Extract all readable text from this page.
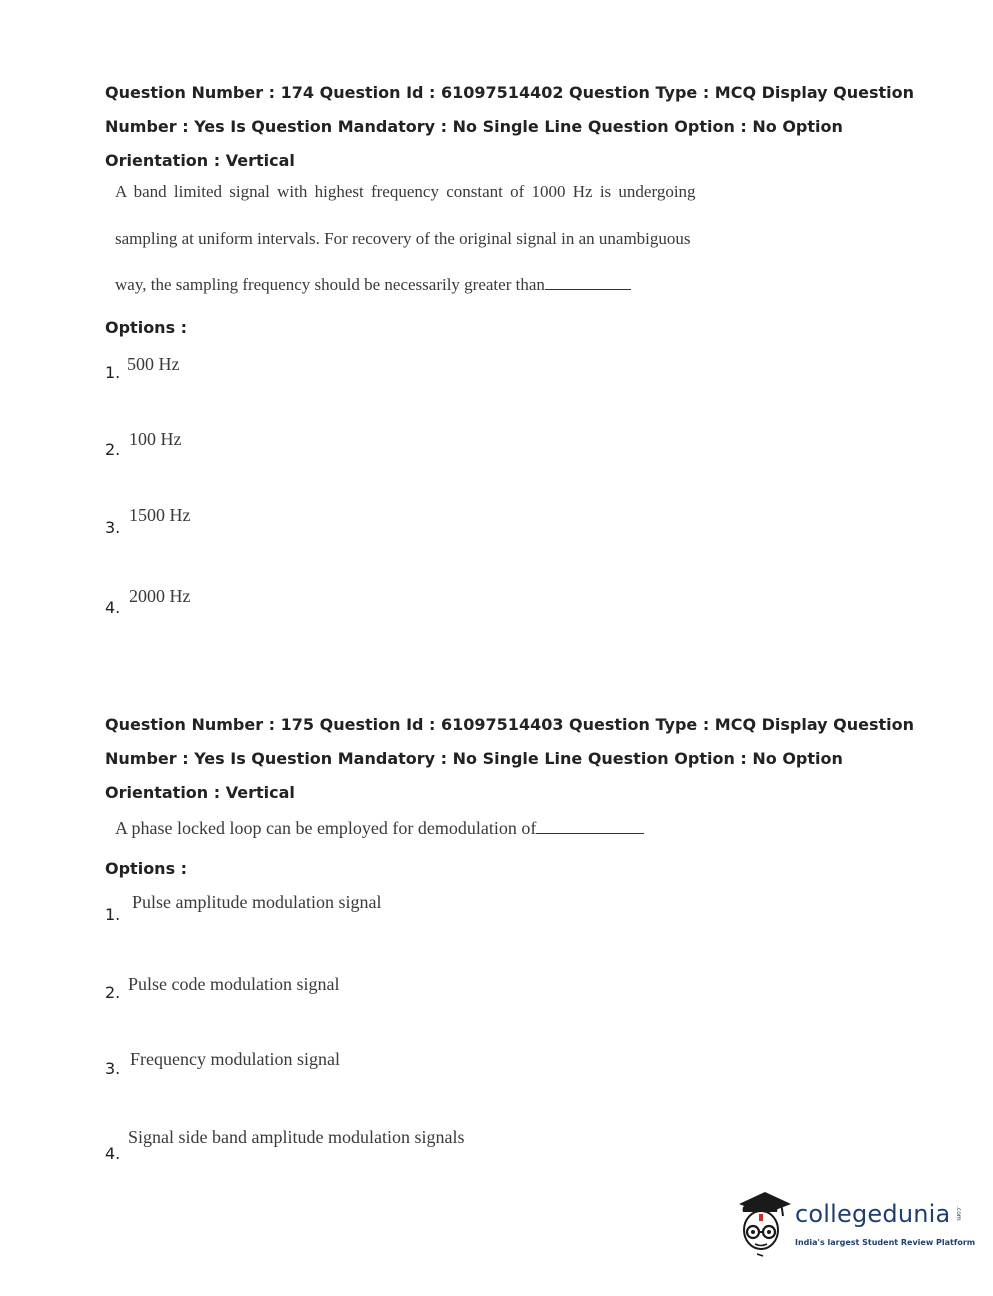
Question Number : 174 Question Id : 61097514402 Question Type : MCQ Display Question
Number : Yes Is Question Mandatory : No Single Line Question Option : No Option
Orientation : Vertical
A band limited signal with highest frequency constant of 1000 Hz is undergoing
sampling at uniform intervals. For recovery of the original signal in an unambiguous
way, the sampling frequency should be necessarily greater than
Options :
1. 500 Hz
2.
100 Hz
3.
1500 Hz
4.
2000 Hz
Question Number : 175 Question Id : 61097514403 Question Type : MCQ Display Question
Number : Yes Is Question Mandatory : No Single Line Question Option : No Option
Orientation : Vertical
A phase locked loop can be employed for demodulation of
Options :
1.
Pulse amplitude modulation signal
2. Pulse code modulation signal
3. Frequency modulation signal
4.
Signal side band amplitude modulation signals
collegedunia .com
India's largest Student Review Platform
